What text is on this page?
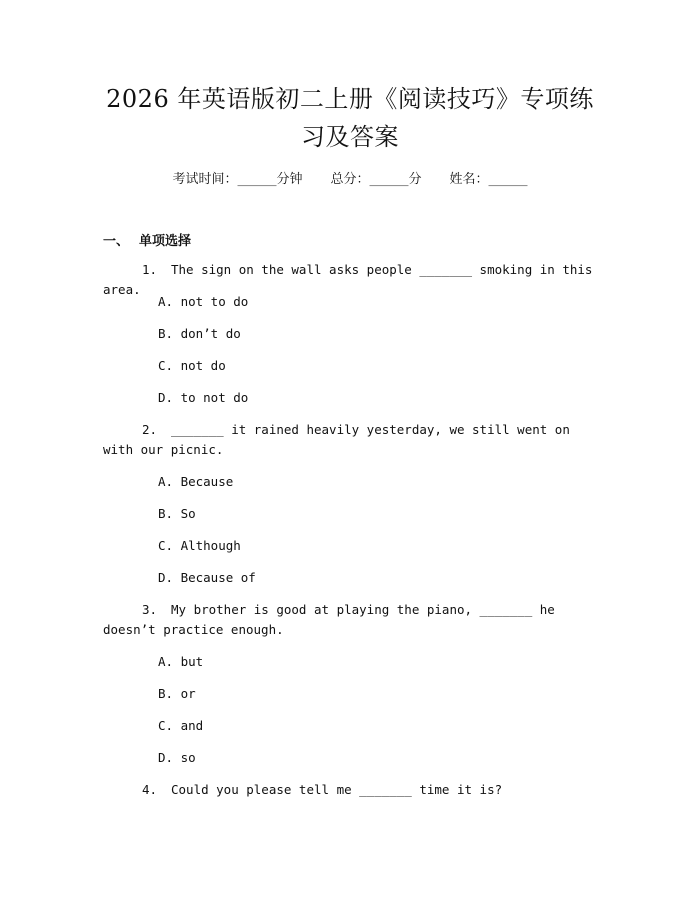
2026 年英语版初二上册《阅读技巧》专项练
习及答案
考试时间：______分钟 总分：______分 姓名：______
一、 单项选择
1. The sign on the wall asks people _______ smoking in this area.
A. not to do
B. don’t do
C. not do
D. to not do
2. _______ it rained heavily yesterday, we still went on with our picnic.
A. Because
B. So
C. Although
D. Because of
3. My brother is good at playing the piano, _______ he doesn’t practice enough.
A. but
B. or
C. and
D. so
4. Could you please tell me _______ time it is?
